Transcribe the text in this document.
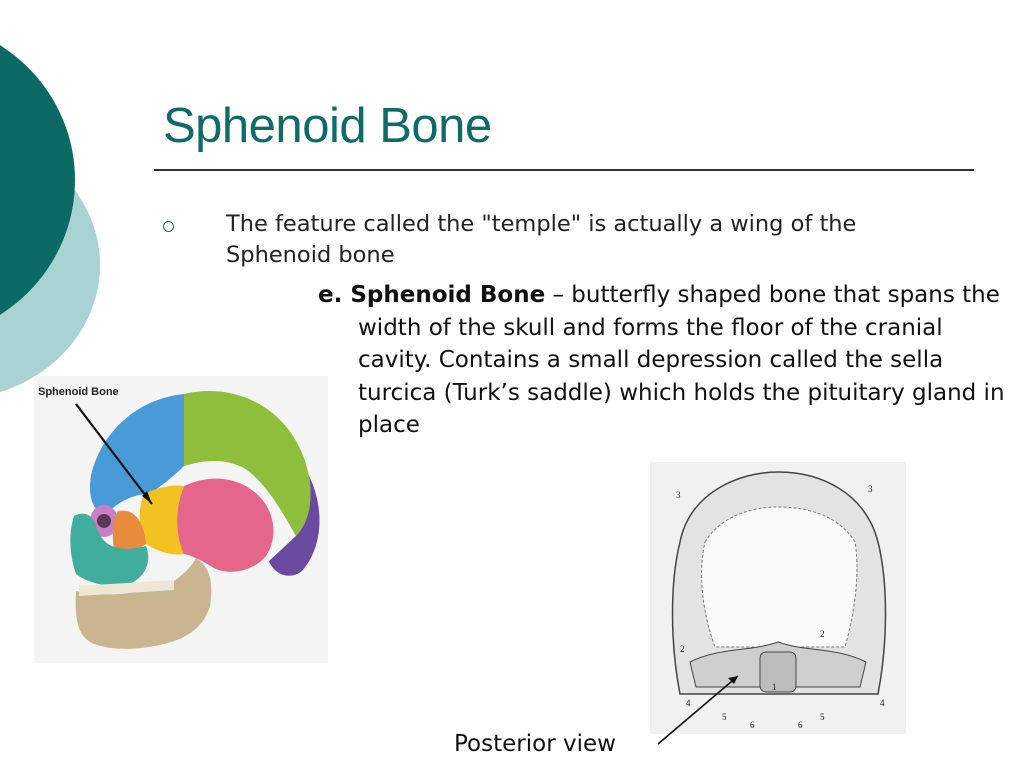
Sphenoid Bone
The feature called the "temple" is actually a wing of the Sphenoid bone
e. Sphenoid Bone – butterfly shaped bone that spans the width of the skull and forms the floor of the cranial cavity. Contains a small depression called the sella turcica (Turk’s saddle) which holds the pituitary gland in place
Sphenoid Bone
3
3
2
2
1
4	4
5	5
6	6
Posterior view
